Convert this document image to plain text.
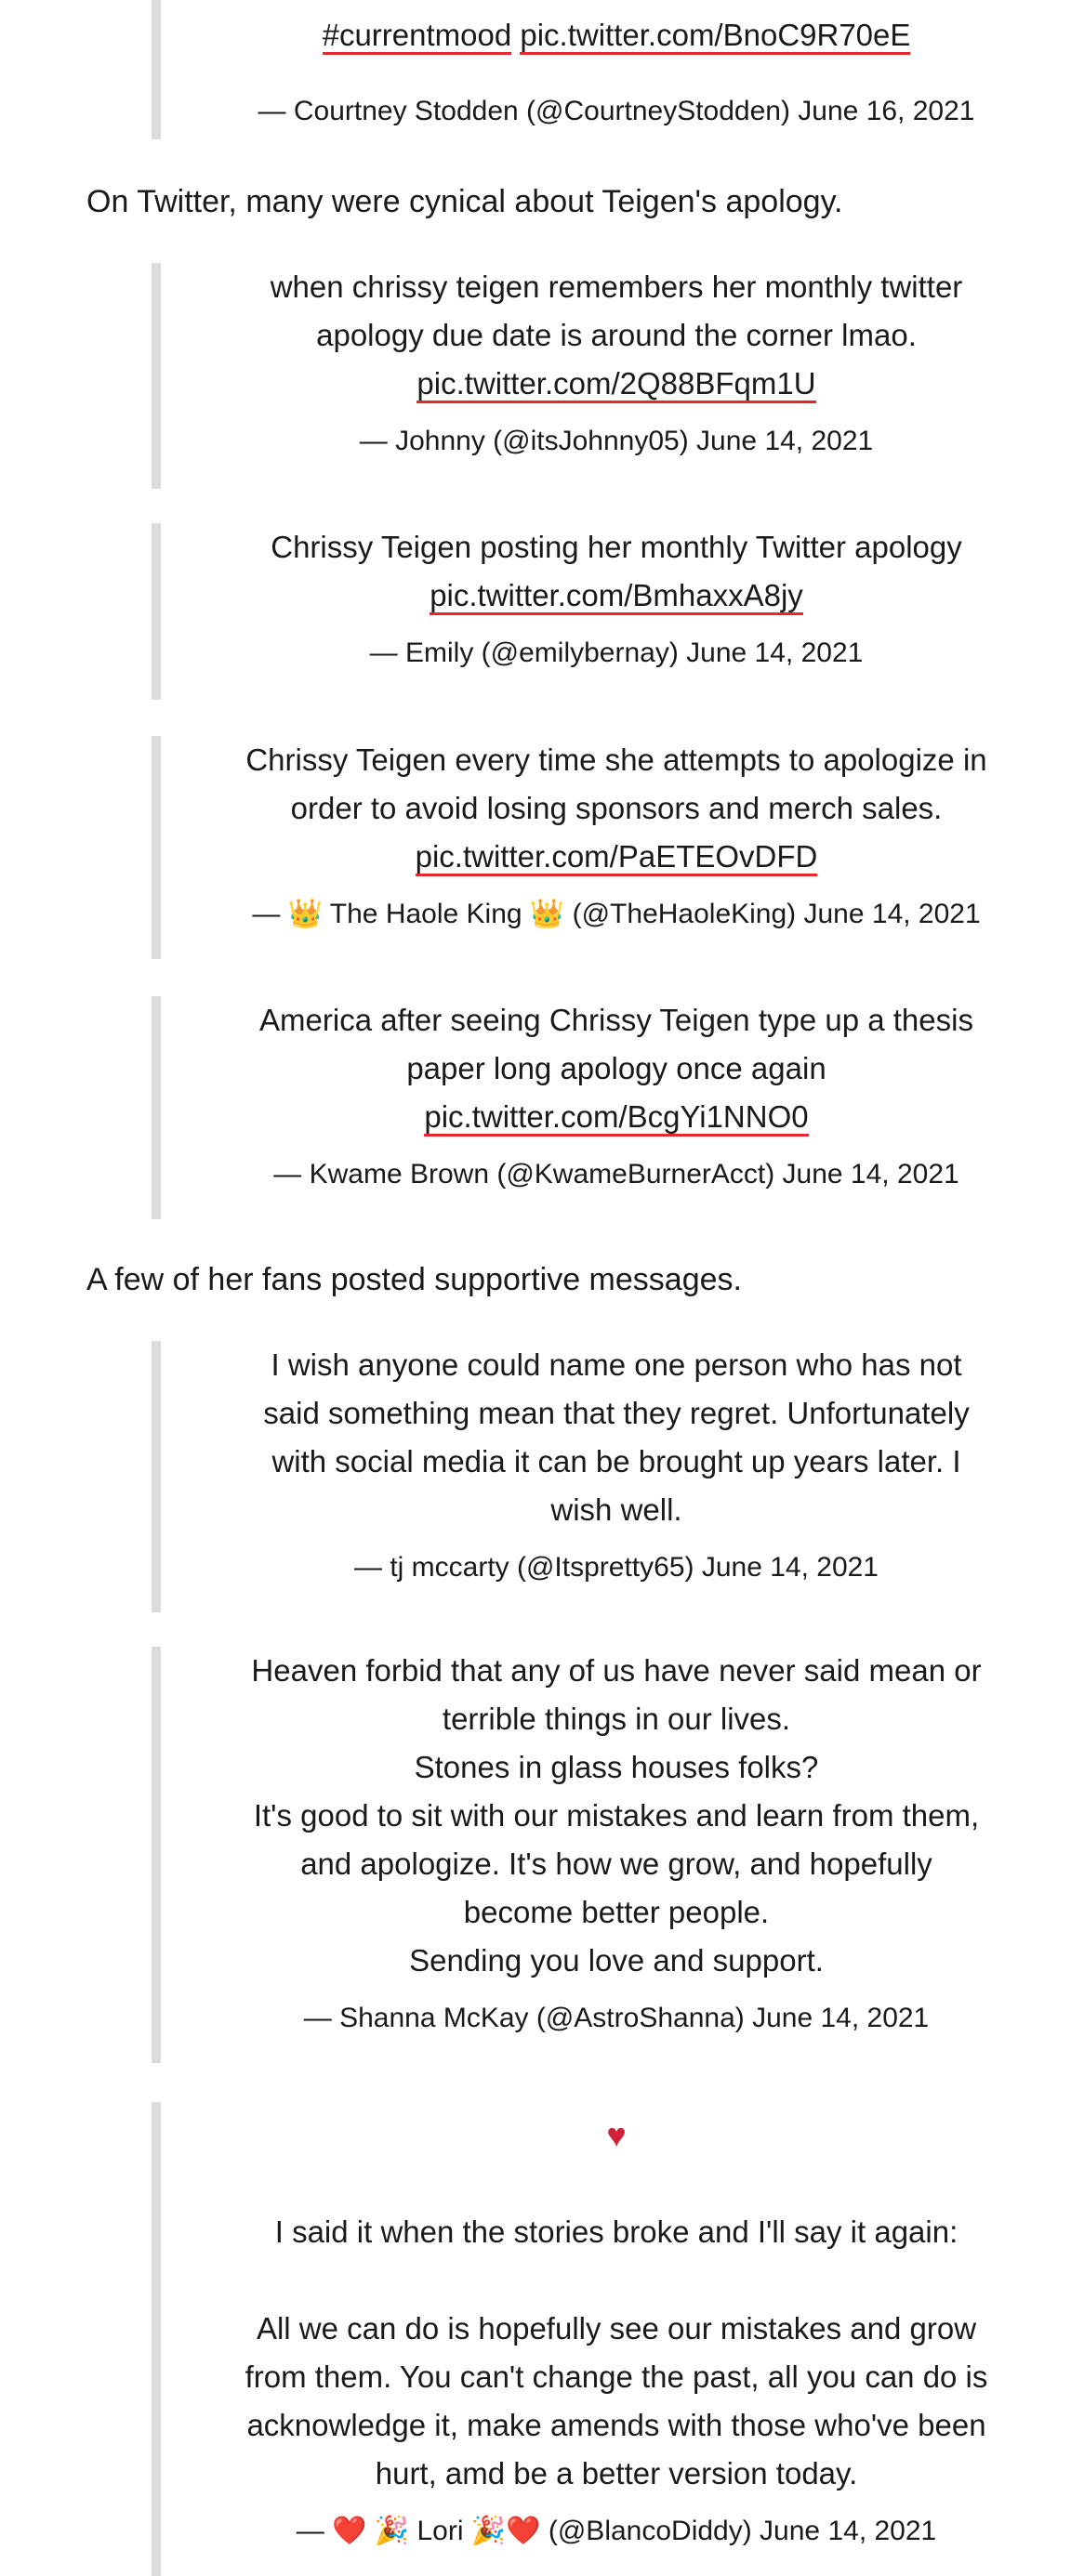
#currentmood pic.twitter.com/BnoC9R70eE
— Courtney Stodden (@CourtneyStodden) June 16, 2021

On Twitter, many were cynical about Teigen's apology.

when chrissy teigen remembers her monthly twitter
apology due date is around the corner lmao.
pic.twitter.com/2Q88BFqm1U
— Johnny (@itsJohnny05) June 14, 2021
Chrissy Teigen posting her monthly Twitter apology
pic.twitter.com/BmhaxxA8jy
— Emily (@emilybernay) June 14, 2021
Chrissy Teigen every time she attempts to apologize in
order to avoid losing sponsors and merch sales.
pic.twitter.com/PaETEOvDFD
— 👑 The Haole King 👑 (@TheHaoleKing) June 14, 2021
America after seeing Chrissy Teigen type up a thesis
paper long apology once again
pic.twitter.com/BcgYi1NNO0
— Kwame Brown (@KwameBurnerAcct) June 14, 2021

A few of her fans posted supportive messages.

I wish anyone could name one person who has not
said something mean that they regret. Unfortunately
with social media it can be brought up years later. I
wish well.
— tj mccarty (@Itspretty65) June 14, 2021
Heaven forbid that any of us have never said mean or
terrible things in our lives.
Stones in glass houses folks?
It's good to sit with our mistakes and learn from them,
and apologize. It's how we grow, and hopefully
become better people.
Sending you love and support.
— Shanna McKay (@AstroShanna) June 14, 2021
♥
I said it when the stories broke and I'll say it again:
All we can do is hopefully see our mistakes and grow
from them. You can't change the past, all you can do is
acknowledge it, make amends with those who've been
hurt, amd be a better version today.
— ❤️ 🎉 Lori 🎉❤️ (@BlancoDiddy) June 14, 2021
